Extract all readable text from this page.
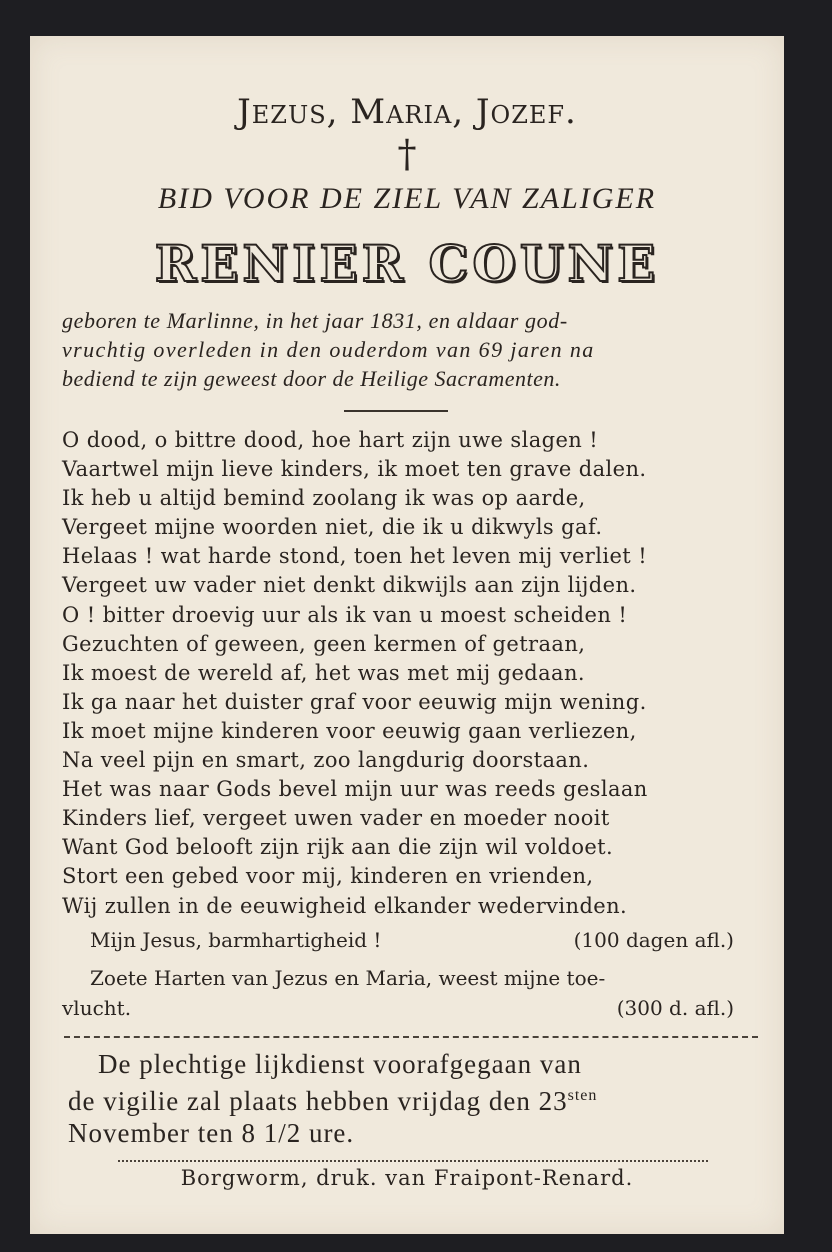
Jezus, Maria, Jozef.
†
BID VOOR DE ZIEL VAN ZALIGER
RENIER COUNE
geboren te Marlinne, in het jaar 1831, en aldaar god-
vruchtig overleden in den ouderdom van 69 jaren na
bediend te zijn geweest door de Heilige Sacramenten.
O dood, o bittre dood, hoe hart zijn uwe slagen !
Vaartwel mijn lieve kinders, ik moet ten grave dalen.
Ik heb u altijd bemind zoolang ik was op aarde,
Vergeet mijne woorden niet, die ik u dikwyls gaf.
Helaas ! wat harde stond, toen het leven mij verliet !
Vergeet uw vader niet denkt dikwijls aan zijn lijden.
O ! bitter droevig uur als ik van u moest scheiden !
Gezuchten of geween, geen kermen of getraan,
Ik moest de wereld af, het was met mij gedaan.
Ik ga naar het duister graf voor eeuwig mijn wening.
Ik moet mijne kinderen voor eeuwig gaan verliezen,
Na veel pijn en smart, zoo langdurig doorstaan.
Het was naar Gods bevel mijn uur was reeds geslaan
Kinders lief, vergeet uwen vader en moeder nooit
Want God belooft zijn rijk aan die zijn wil voldoet.
Stort een gebed voor mij, kinderen en vrienden,
Wij zullen in de eeuwigheid elkander wedervinden.
Mijn Jesus, barmhartigheid !	(100 dagen afl.)
Zoete Harten van Jezus en Maria, weest mijne toe-
vlucht.	(300 d. afl.)
De plechtige lijkdienst voorafgegaan van
de vigilie zal plaats hebben vrijdag den $23^{sten}$
November ten 8 1/2 ure.
Borgworm, druk. van Fraipont-Renard.
